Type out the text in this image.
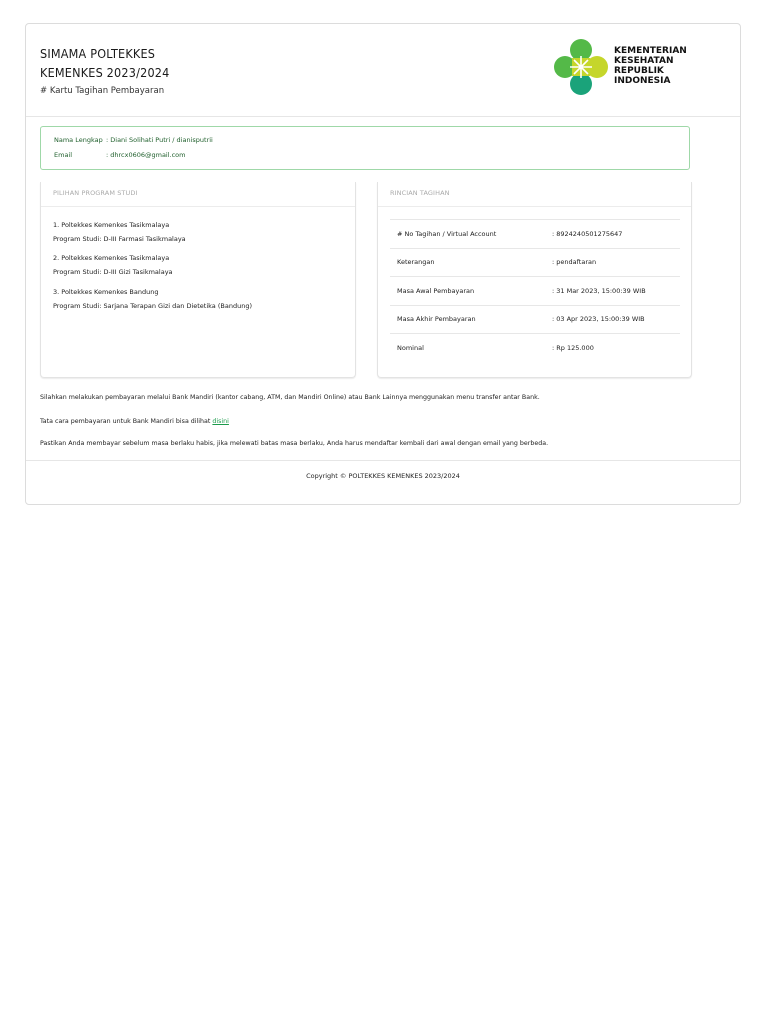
SIMAMA POLTEKKES
KEMENKES 2023/2024
# Kartu Tagihan Pembayaran
KEMENTERIAN
KESEHATAN
REPUBLIK
INDONESIA
Nama Lengkap : Diani Solihati Putri / dianisputrii
Email	: dhrcx0606@gmail.com
PILIHAN PROGRAM STUDI
1. Poltekkes Kemenkes Tasikmalaya
Program Studi: D-III Farmasi Tasikmalaya
2. Poltekkes Kemenkes Tasikmalaya
Program Studi: D-III Gizi Tasikmalaya
3. Poltekkes Kemenkes Bandung
Program Studi: Sarjana Terapan Gizi dan Dietetika (Bandung)
RINCIAN TAGIHAN
# No Tagihan / Virtual Account	: 8924240501275647
Keterangan	: pendaftaran
Masa Awal Pembayaran	: 31 Mar 2023, 15:00:39 WIB
Masa Akhir Pembayaran	: 03 Apr 2023, 15:00:39 WIB
Nominal	: Rp 125.000
Silahkan melakukan pembayaran melalui Bank Mandiri (kantor cabang, ATM, dan Mandiri Online) atau Bank Lainnya menggunakan menu transfer antar Bank.
Tata cara pembayaran untuk Bank Mandiri bisa dilihat disini
Pastikan Anda membayar sebelum masa berlaku habis, jika melewati batas masa berlaku, Anda harus mendaftar kembali dari awal dengan email yang berbeda.
Copyright © POLTEKKES KEMENKES 2023/2024
